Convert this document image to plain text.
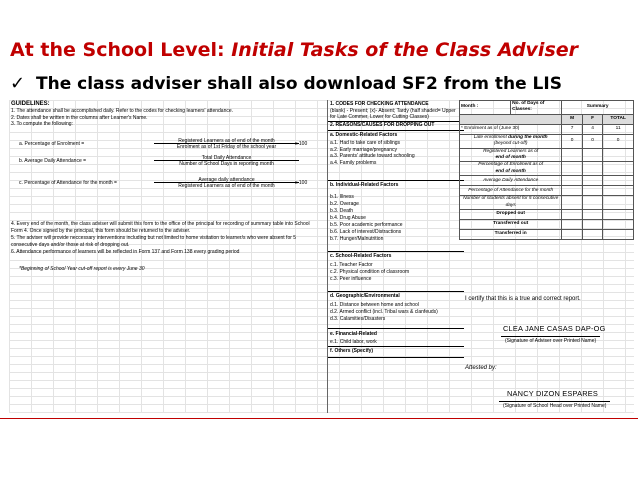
At the School Level: Initial Tasks of the Class Adviser
✓ The class adviser shall also download SF2 from the LIS
GUIDELINES:
1. The attendance shall be accomplished daily. Refer to the codes for checking learners' attendance.
2. Dates shall be written in the columns after Learner's Name.
3. To compute the following:
a. Percentage of Enrolment =	Registered Learners as of end of the month
Enrolment as of 1st Friday of the school year	x 100
b. Average Daily Attendance =	Total Daily Attendance
Number of School Days in reporting month
c. Percentage of Attendance for the month =	Average daily attendance
Registered Learners as of end of the month	x 100
4. Every end of the month, the class adviser will submit this form to the office of the principal for recording of summary table into School
Form 4. Once signed by the principal, this form should be returned to the adviser.
5. The adviser will provide neccessary interventions including but not limited to home visitation to learner/s who were absent for 5
consecutive days and/or those at risk of dropping out.
6. Attendance performance of learners will be reflected in Form 137 and Form 138 every grading period
*Beginning of School Year cut-off report is every June 30
1. CODES FOR CHECKING ATTENDANCE
(blank) - Present; (x)- Absent; Tardy (half shaded= Upper
for Late Commer, Lower for Cutting Classes)
2. REASONS/CAUSES FOR DROPPING OUT
a. Domestic-Related Factors
a.1. Had to take care of siblings
a.2. Early marriage/pregnancy
a.3. Parents' attitude toward schooling
a.4. Family problems
b. Individual-Related Factors
b.1. Illness
b.2. Overage
b.3. Death
b.4. Drug Abuse
b.5. Poor academic performance
b.6. Lack of interest/Distractions
b.7. Hunger/Malnutrition
c. School-Related Factors
c.1. Teacher Factor
c.2. Physical condition of classroom
c.3. Peer influence
d. Geographic/Environmental
d.1. Distance between home and school
d.2. Armed conflict (incl. Tribal wars & clanfeuds)
d.3. Calamities/Disasters
e. Financial-Related
e.1. Child labor, work
f. Others (Specify)
Month :	No. of Days of Classes:	Summary		
		M	F	TOTAL
* Enrolment as of (June 30)		7	4	11
Late enrollment during the month
(beyond cut-off)		0	0	0
Registered Learners as of
end of month				
Percentage of Enrolment as of
end of month				
Average Daily Attendance				
Percentage of Attendance for the month				
Number of students absent for 5 consecutive
days				
Dropped out				
Transferred out				
Transferred in				
I certify that this is a true and correct report.
CLEA JANE CASAS DAP-OG
(Signature of Adviser over Printed Name)
Attested by:
NANCY DIZON ESPARES
(Signature of School Head over Printed Name)
